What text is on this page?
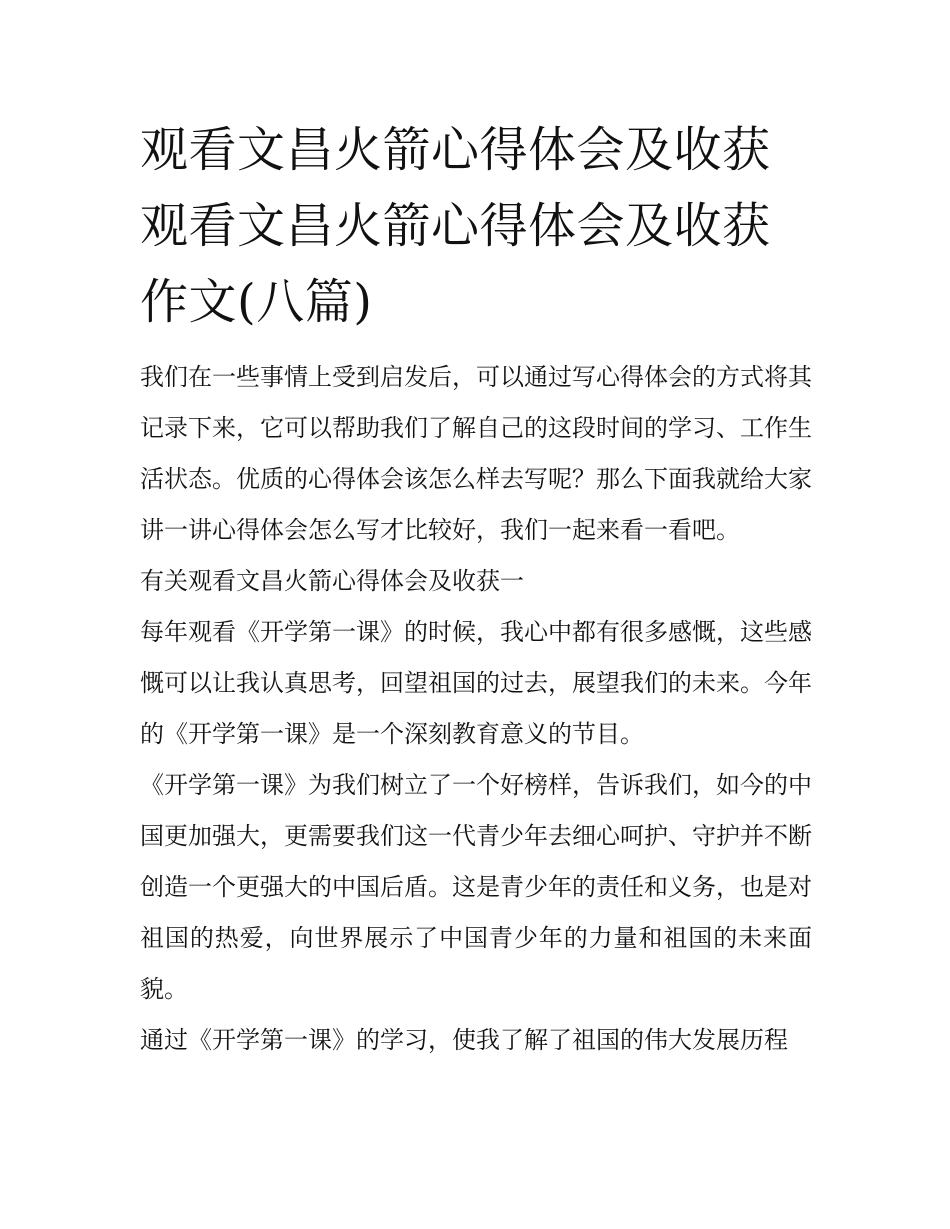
观看文昌火箭心得体会及收获 观看文昌火箭心得体会及收获作文(八篇)

我们在一些事情上受到启发后，可以通过写心得体会的方式将其记录下来，它可以帮助我们了解自己的这段时间的学习、工作生活状态。优质的心得体会该怎么样去写呢？那么下面我就给大家讲一讲心得体会怎么写才比较好，我们一起来看一看吧。

有关观看文昌火箭心得体会及收获一

每年观看《开学第一课》的时候，我心中都有很多感慨，这些感慨可以让我认真思考，回望祖国的过去，展望我们的未来。今年的《开学第一课》是一个深刻教育意义的节目。

《开学第一课》为我们树立了一个好榜样，告诉我们，如今的中国更加强大，更需要我们这一代青少年去细心呵护、守护并不断创造一个更强大的中国后盾。这是青少年的责任和义务，也是对祖国的热爱，向世界展示了中国青少年的力量和祖国的未来面貌。

通过《开学第一课》的学习，使我了解了祖国的伟大发展历程
